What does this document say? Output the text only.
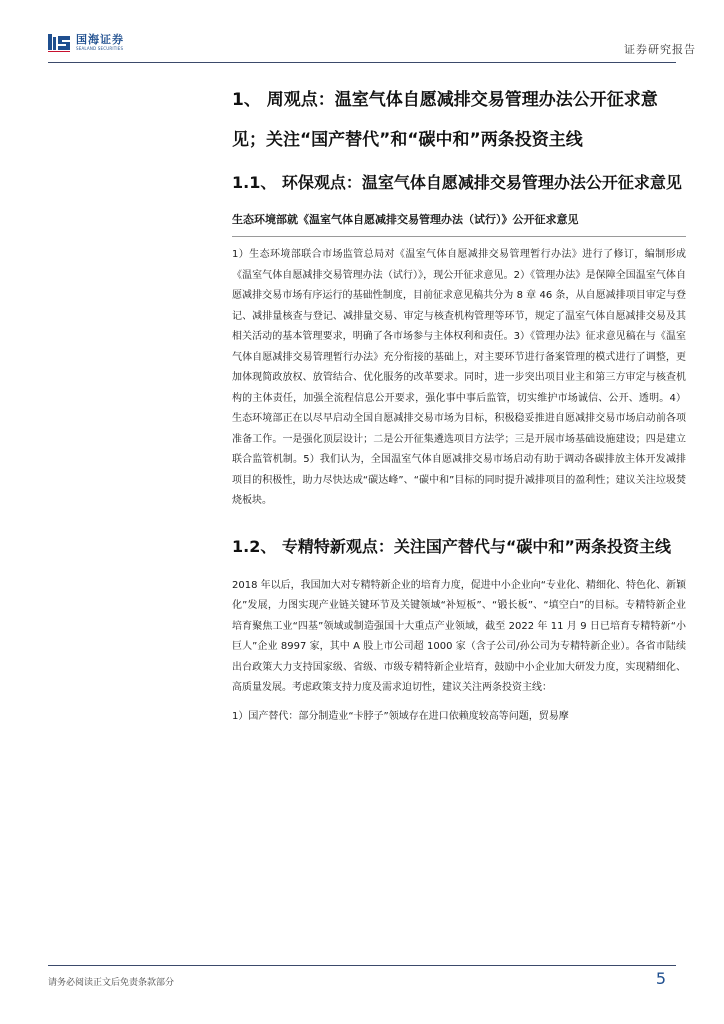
国海证券
SEALAND SECURITIES	证券研究报告
1、 周观点：温室气体自愿减排交易管理办法公开征求意见；关注“国产替代”和“碳中和”两条投资主线
1.1、 环保观点：温室气体自愿减排交易管理办法公开征求意见

生态环境部就《温室气体自愿减排交易管理办法（试行）》公开征求意见

1）生态环境部联合市场监管总局对《温室气体自愿减排交易管理暂行办法》进行了修订，编制形成《温室气体自愿减排交易管理办法（试行）》，现公开征求意见。2）《管理办法》是保障全国温室气体自愿减排交易市场有序运行的基础性制度，目前征求意见稿共分为 8 章 46 条，从自愿减排项目审定与登记、减排量核查与登记、减排量交易、审定与核查机构管理等环节，规定了温室气体自愿减排交易及其相关活动的基本管理要求，明确了各市场参与主体权利和责任。3）《管理办法》征求意见稿在与《温室气体自愿减排交易管理暂行办法》充分衔接的基础上，对主要环节进行备案管理的模式进行了调整，更加体现简政放权、放管结合、优化服务的改革要求。同时，进一步突出项目业主和第三方审定与核查机构的主体责任，加强全流程信息公开要求，强化事中事后监管，切实维护市场诚信、公开、透明。4）生态环境部正在以尽早启动全国自愿减排交易市场为目标，积极稳妥推进自愿减排交易市场启动前各项准备工作。一是强化顶层设计；二是公开征集遴选项目方法学；三是开展市场基础设施建设；四是建立联合监管机制。5）我们认为，全国温室气体自愿减排交易市场启动有助于调动各碳排放主体开发减排项目的积极性，助力尽快达成“碳达峰”、“碳中和”目标的同时提升减排项目的盈利性；建议关注垃圾焚烧板块。

1.2、 专精特新观点：关注国产替代与“碳中和”两条投资主线

2018 年以后，我国加大对专精特新企业的培育力度，促进中小企业向“专业化、精细化、特色化、新颖化”发展，力图实现产业链关键环节及关键领域“补短板”、“锻长板”、“填空白”的目标。专精特新企业培育聚焦工业“四基”领域或制造强国十大重点产业领域，截至 2022 年 11 月 9 日已培育专精特新“小巨人”企业 8997 家，其中 A 股上市公司超 1000 家（含子公司/孙公司为专精特新企业）。各省市陆续出台政策大力支持国家级、省级、市级专精特新企业培育，鼓励中小企业加大研发力度，实现精细化、高质量发展。考虑政策支持力度及需求迫切性，建议关注两条投资主线：

1）国产替代：部分制造业“卡脖子”领域存在进口依赖度较高等问题，贸易摩

请务必阅读正文后免责条款部分	5
